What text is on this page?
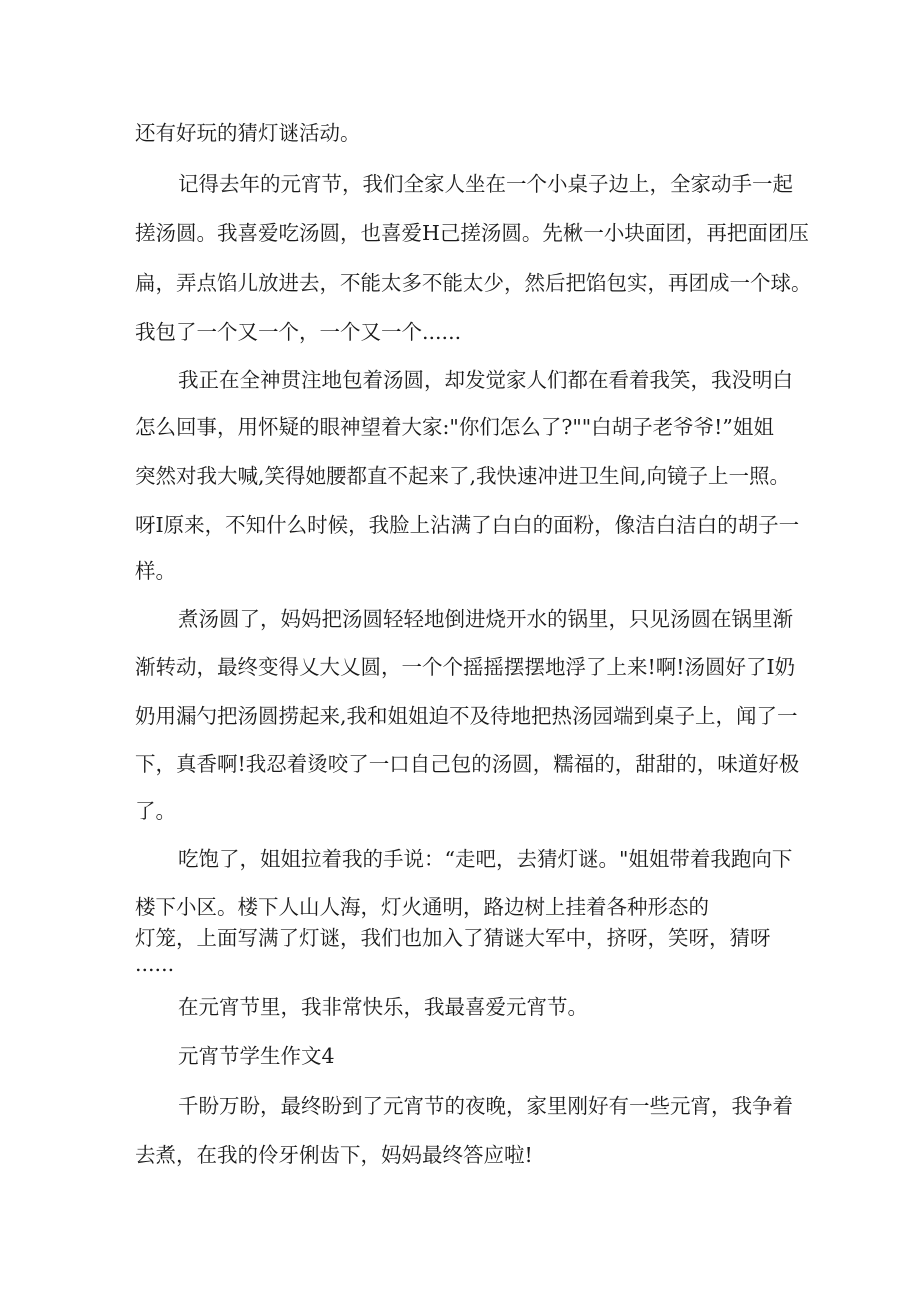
还有好玩的猜灯谜活动。

记得去年的元宵节，我们全家人坐在一个小桌子边上，全家动手一起

搓汤圆。我喜爱吃汤圆，也喜爱H己搓汤圆。先楸一小块面团，再把面团压

扁，弄点馅儿放进去，不能太多不能太少，然后把馅包实，再团成一个球。

我包了一个又一个，一个又一个......

我正在全神贯注地包着汤圆，却发觉家人们都在看着我笑，我没明白

怎么回事，用怀疑的眼神望着大家:"你们怎么了?""白胡子老爷爷!”姐姐

突然对我大喊,笑得她腰都直不起来了,我快速冲进卫生间,向镜子上一照。

呀I原来，不知什么时候，我脸上沾满了白白的面粉，像洁白洁白的胡子一

样。

煮汤圆了，妈妈把汤圆轻轻地倒进烧开水的锅里，只见汤圆在锅里渐

渐转动，最终变得乂大乂圆，一个个摇摇摆摆地浮了上来!啊!汤圆好了I奶

奶用漏勺把汤圆捞起来,我和姐姐迫不及待地把热汤园端到桌子上，闻了一

下，真香啊!我忍着烫咬了一口自己包的汤圆，糯福的，甜甜的，味道好极

了。

吃饱了，姐姐拉着我的手说：“走吧，去猜灯谜。"姐姐带着我跑向下

楼下小区。楼下人山人海，灯火通明，路边树上挂着各种形态的

灯笼，上面写满了灯谜，我们也加入了猜谜大军中，挤呀，笑呀，猜呀

......

在元宵节里，我非常快乐，我最喜爱元宵节。

元宵节学生作文4

千盼万盼，最终盼到了元宵节的夜晚，家里刚好有一些元宵，我争着

去煮，在我的伶牙俐齿下，妈妈最终答应啦!
